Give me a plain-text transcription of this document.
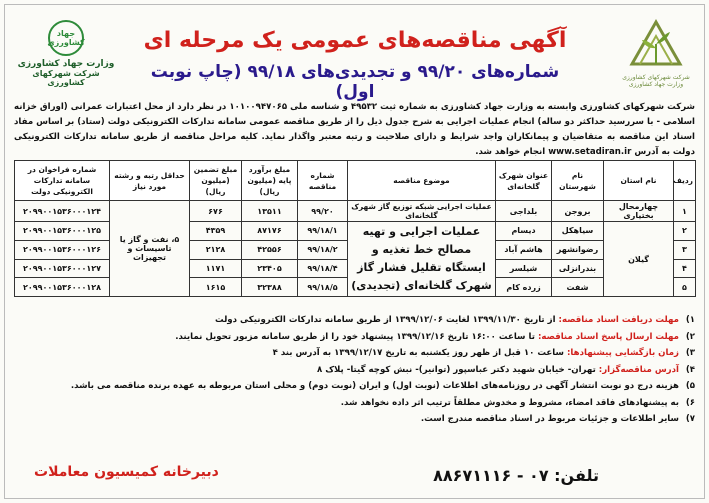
جهاد کشاورزی
وزارت جهاد کشاورزی
شرکت شهرکهای کشاورزی
شرکت شهرکهای کشاورزی
وزارت جهاد کشاورزی
آگهی مناقصه‌های عمومی یک مرحله ای
شماره‌های ۹۹/۲۰ و تجدیدی‌های ۹۹/۱۸ (چاپ نوبت اول)
شرکت شهرکهای کشاورزی وابسته به وزارت جهاد کشاورزی به شماره ثبت ۴۹۵۳۲ و شناسه ملی ۱۰۱۰۰۹۴۷۰۶۵ در نظر دارد از محل اعتبارات عمرانی (اوراق خزانه اسلامی - با سررسید حداکثر دو ساله) انجام عملیات اجرایی به شرح جدول ذیل را از طریق مناقصه عمومی سامانه تدارکات الکترونیکی دولت (ستاد) بر اساس مفاد اسناد این مناقصه به متقاضیان و پیمانکاران واجد شرایط و دارای صلاحیت و رتبه معتبر واگذار نماید. کلیه مراحل مناقصه از طریق سامانه تدارکات الکترونیکی دولت به آدرس www.setadiran.ir انجام خواهد شد.
ردیف	نام استان	نام شهرستان	عنوان شهرک گلخانه‌ای	موضوع مناقصه	شماره مناقصه	مبلغ برآورد پایه (میلیون ریال)	مبلغ تضمین (میلیون ریال)	حداقل رتبه و رشته مورد نیاز	شماره فراخوان در سامانه تدارکات الکترونیکی دولت
۱	چهارمحال بختیاری	بروجن	بلداجی	عملیات اجرایی شبکه توزیع گاز شهرک گلخانه‌ای	۹۹/۲۰	۱۳۵۱۱	۶۷۶	۵، نفت و گاز یا تاسیسات و تجهیزات	۲۰۹۹۰۰۱۵۳۶۰۰۰۱۲۴
۲	گیلان	سیاهکل	دیسام	عملیات اجرایی و تهیه مصالح خط تغذیه و ایستگاه تقلیل فشار گاز شهرک گلخانه‌ای (تجدیدی)	۹۹/۱۸/۱	۸۷۱۷۶	۴۳۵۹		۲۰۹۹۰۰۱۵۳۶۰۰۰۱۲۵
۳		رضوانشهر	هاشم آباد		۹۹/۱۸/۲	۴۲۵۵۶	۲۱۲۸		۲۰۹۹۰۰۱۵۳۶۰۰۰۱۲۶
۴		بندرانزلی	شیلسر		۹۹/۱۸/۴	۲۳۴۰۵	۱۱۷۱		۲۰۹۹۰۰۱۵۳۶۰۰۰۱۲۷
۵		شفت	زرده کام		۹۹/۱۸/۵	۳۲۳۸۸	۱۶۱۵		۲۰۹۹۰۰۱۵۳۶۰۰۰۱۲۸
۱)مهلت دریافت اسناد مناقصه: از تاریخ ۱۳۹۹/۱۱/۳۰ لغایت ۱۳۹۹/۱۲/۰۶ از طریق سامانه تدارکات الکترونیکی دولت
۲)مهلت ارسال پاسخ اسناد مناقصه: تا ساعت ۱۶:۰۰ تاریخ ۱۳۹۹/۱۲/۱۶ پیشنهاد خود را از طریق سامانه مزبور تحویل نمایند.
۳)زمان بازگشایی پیشنهادها: ساعت ۱۰ قبل از ظهر روز یکشنبه به تاریخ ۱۳۹۹/۱۲/۱۷ به آدرس بند ۴
۴)آدرس مناقصه‌گزار: تهران- خیابان شهید دکتر عباسپور (توانیر)- نبش کوچه گیتا- پلاک ۸
۵)هزینه درج دو نوبت انتشار آگهی در روزنامه‌های اطلاعات (نوبت اول) و ایران (نوبت دوم) و محلی استان مربوطه به عهده برنده مناقصه می باشد.
۶)به پیشنهادهای فاقد امضاء، مشروط و مخدوش مطلقاً ترتیب اثر داده نخواهد شد.
۷)سایر اطلاعات و جزئیات مربوط در اسناد مناقصه مندرج است.
تلفن: ۰۷ - ۸۸۶۷۱۱۱۶
دبیرخانه کمیسیون معاملات
